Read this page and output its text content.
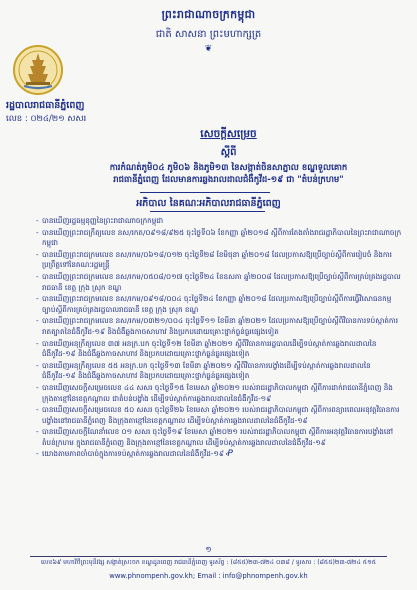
ព្រះរាជាណាចក្រកម្ពុជា
ជាតិ សាសនា ព្រះមហាក្សត្រ
❦
រដ្ឋបាលរាជធានីភ្នំពេញ
លេខ : ០២៤/២១ សសរ
សេចក្ដីសម្រេច
ស្ដីពី
ការកំណត់ភូមិ០៤ ភូមិ០៦ និងភូមិ១៣ នៃសង្កាត់ចិនសាភ្នាល ខណ្ឌទួលគោក
រាជធានីភ្នំពេញ ដែលមានការឆ្លងរាលដាលជំងឺកូវីដ-១៩ ជា "តំបន់ក្រហម"
អភិបាល នៃគណៈអភិបាលរាជធានីភ្នំពេញ
- បានឃើញរដ្ឋធម្មនុញ្ញនៃព្រះរាជាណាចក្រកម្ពុជា
- បានឃើញព្រះរាជក្រឹត្យលេខ នស/រកត/០៩១៨/៩២៥ ចុះថ្ងៃទី០៦ ខែកញ្ញា ឆ្នាំ២០១៨ ស្ដីពីការតែងតាំងរាជរដ្ឋាភិបាលនៃព្រះរាជាណាចក្រកម្ពុជា
- បានឃើញព្រះរាជក្រមលេខ នស/រកម/០៦១៨/០១២ ចុះថ្ងៃទី២៨ ខែមិថុនា ឆ្នាំ២០១៨ ដែលប្រកាសឱ្យប្រើច្បាប់ស្ដីពីការរៀបចំ និងការប្រព្រឹត្តទៅនៃគណៈរដ្ឋមន្ត្រី
- បានឃើញព្រះរាជក្រមលេខ នស/រកម/០៥០៨/០១៧ ចុះថ្ងៃទី២៤ ខែឧសភា ឆ្នាំ២០០៨ ដែលប្រកាសឱ្យប្រើច្បាប់ស្ដីពីការគ្រប់គ្រងរដ្ឋបាលរាជធានី ខេត្ត ក្រុង ស្រុក ខណ្ឌ
- បានឃើញព្រះរាជក្រមលេខ នស/រកម/០៩១៨/០០៤ ចុះថ្ងៃទី២៤ ខែកញ្ញា ឆ្នាំ២០១៨ ដែលប្រកាសឱ្យប្រើច្បាប់ស្ដីពីការធ្វើវិសោធនកម្មច្បាប់ស្ដីពីការគ្រប់គ្រងរដ្ឋបាលរាជធានី ខេត្ត ក្រុង ស្រុក ខណ្ឌ
- បានឃើញព្រះរាជក្រមលេខ នស/រកម/០៣២១/០០៤ ចុះថ្ងៃទី១១ ខែមីនា ឆ្នាំ២០២១ ដែលប្រកាសឱ្យប្រើច្បាប់ស្ដីពីវិធានការទប់ស្កាត់ការរាតត្បាតនៃជំងឺកូវីដ-១៩ និងជំងឺឆ្លងកាចសាហាវ និងប្រកបដោយគ្រោះថ្នាក់ធ្ងន់ធ្ងរផ្សេងទៀត
- បានឃើញអនុក្រឹត្យលេខ ៣៧ អនក្រ.បក ចុះថ្ងៃទី១២ ខែមីនា ឆ្នាំ២០២១ ស្ដីពីវិធានការរដ្ឋបាលដើម្បីទប់ស្កាត់ការឆ្លងរាលដាលនៃជំងឺកូវីដ-១៩ និងជំងឺឆ្លងកាចសាហាវ និងប្រកបដោយគ្រោះថ្នាក់ធ្ងន់ធ្ងរផ្សេងទៀត
- បានឃើញអនុក្រឹត្យលេខ ៥៥ អនក្រ.បក ចុះថ្ងៃទី១៣ ខែមីនា ឆ្នាំ២០២១ ស្ដីពីវិធានការបង្ខាំងដើម្បីទប់ស្កាត់ការឆ្លងរាលដាលនៃជំងឺកូវីដ-១៩ និងជំងឺឆ្លងកាចសាហាវ និងប្រកបដោយគ្រោះថ្នាក់ធ្ងន់ធ្ងរផ្សេងទៀត
- បានឃើញសេចក្ដីសម្រេចលេខ ៤៤ សសរ ចុះថ្ងៃទី១៥ ខែមេសា ឆ្នាំ២០២១ របស់រាជរដ្ឋាភិបាលកម្ពុជា ស្ដីពីការដាក់រាជធានីភ្នំពេញ និងក្រុងតាខ្មៅនៃខេត្តកណ្ដាល ជាតំបន់បង្ខាំង ដើម្បីទប់ស្កាត់ការឆ្លងរាលដាលនៃជំងឺកូវីដ-១៩
- បានឃើញសេចក្ដីសម្រេចលេខ ៥០ សសរ ចុះថ្ងៃទី២៦ ខែមេសា ឆ្នាំ២០២១ របស់រាជរដ្ឋាភិបាលកម្ពុជា ស្ដីពីការពន្យារពេលអនុវត្តវិធានការបង្ខាំងនៅរាជធានីភ្នំពេញ និងក្រុងតាខ្មៅនៃខេត្តកណ្ដាល ដើម្បីទប់ស្កាត់ការឆ្លងរាលដាលនៃជំងឺកូវីដ-១៩
- បានឃើញសេចក្ដីណែនាំលេខ ០១ សសរ ចុះថ្ងៃទី១៩ ខែមេសា ឆ្នាំ២០២១ របស់រាជរដ្ឋាភិបាលកម្ពុជា ស្ដីពីការអនុវត្តវិធានការបង្ខាំងនៅតំបន់ក្រហម ក្នុងរាជធានីភ្នំពេញ និងក្រុងតាខ្មៅនៃខេត្តកណ្ដាល ដើម្បីទប់ស្កាត់ការឆ្លងរាលដាលនៃជំងឺកូវីដ-១៩
- យោងតាមភាពចាំបាច់ក្នុងការទប់ស្កាត់ការឆ្លងរាលដាលនៃជំងឺកូវីដ-១៩ Ꝓ
១
លេខ៦៩ មហាវិថីព្រះមុនីវង្ស សង្កាត់ស្រះចក ខណ្ឌដូនពេញ រាជធានីភ្នំពេញ ទូរស័ព្ទ : (៨៥៥)២៣-៧២៤ ០៣៨ / ទូរសារ : (៨៥៥)២៣-៧២៤ ៥១៥
www.phnompenh.gov.kh; Email : info@phnompenh.gov.kh
